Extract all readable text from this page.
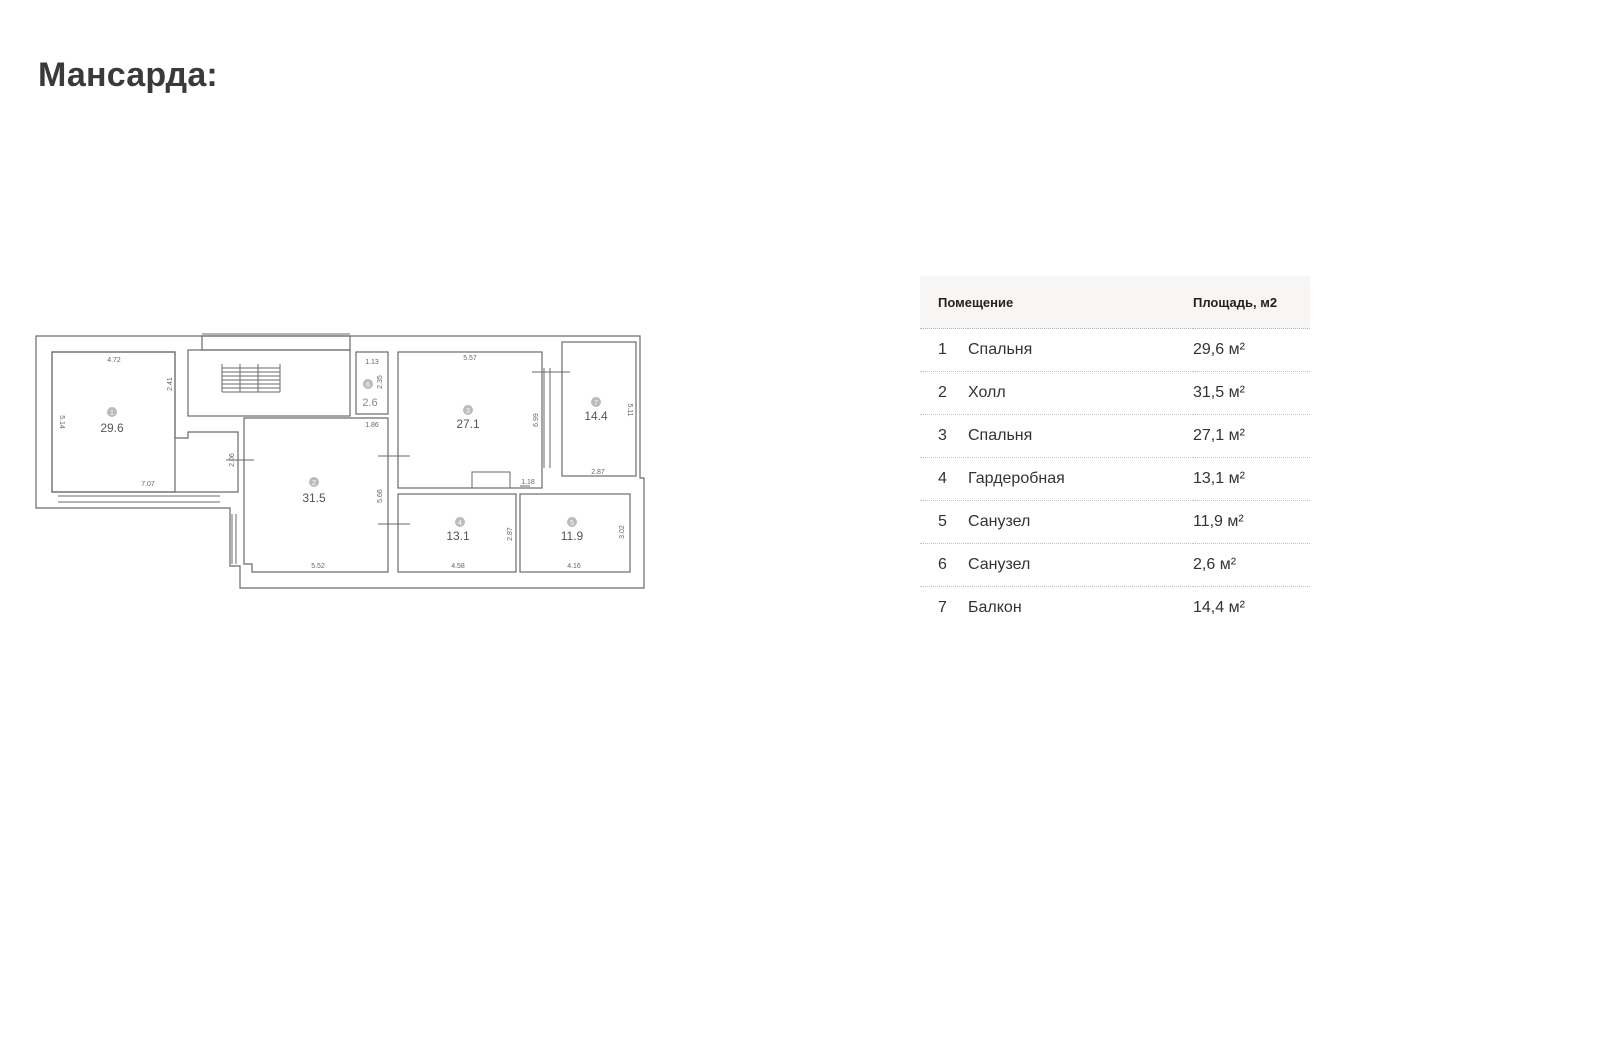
Мансарда:
1
29.6
2
31.5
3
27.1
4
13.1
5
11.9
6
2.6	7
14.4
4.72
2.41
5.14
7.07
2.06
5.52
5.66
1.13
2.35
1.86
5.57
6.99
5.11
2.87
1.18
4.58
2.87
4.16
3.02
Помещение		Площадь, м2
1	Спальня	29,6 м²
2	Холл	31,5 м²
3	Спальня	27,1 м²
4	Гардеробная	13,1 м²
5	Санузел	11,9 м²
6	Санузел	2,6 м²
7	Балкон	14,4 м²
